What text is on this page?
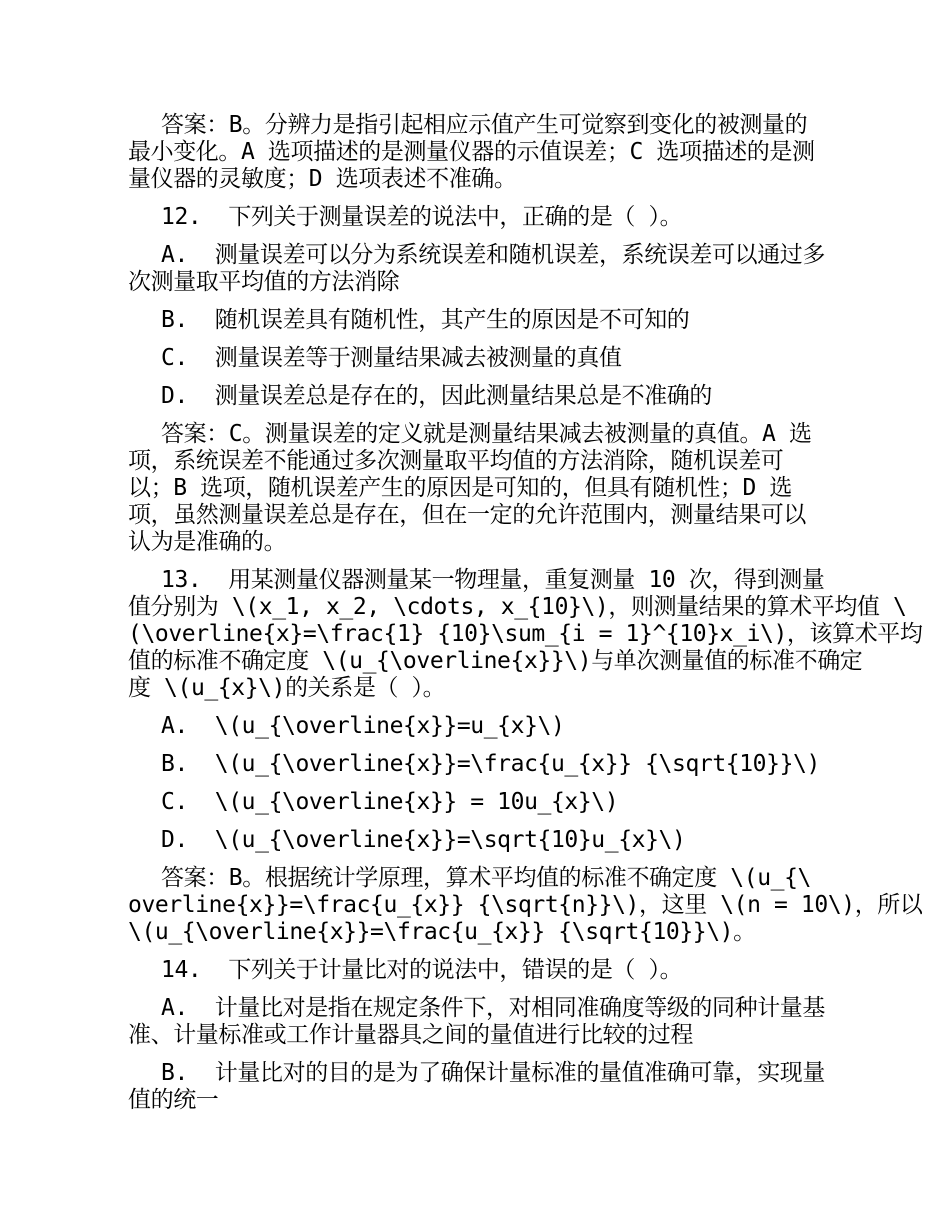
答案：B。分辨力是指引起相应示值产生可觉察到变化的被测量的
最小变化。A 选项描述的是测量仪器的示值误差；C 选项描述的是测
量仪器的灵敏度；D 选项表述不准确。

12.  下列关于测量误差的说法中，正确的是（ ）。

A.  测量误差可以分为系统误差和随机误差，系统误差可以通过多
次测量取平均值的方法消除

B.  随机误差具有随机性，其产生的原因是不可知的

C.  测量误差等于测量结果减去被测量的真值

D.  测量误差总是存在的，因此测量结果总是不准确的

答案：C。测量误差的定义就是测量结果减去被测量的真值。A 选
项，系统误差不能通过多次测量取平均值的方法消除，随机误差可
以；B 选项，随机误差产生的原因是可知的，但具有随机性；D 选
项，虽然测量误差总是存在，但在一定的允许范围内，测量结果可以
认为是准确的。

13.  用某测量仪器测量某一物理量，重复测量 10 次，得到测量
值分别为 \(x_1, x_2, \cdots, x_{10}\)，则测量结果的算术平均值 \
(\overline{x}=\frac{1} {10}\sum_{i = 1}^{10}x_i\)，该算术平均
值的标准不确定度 \(u_{\overline{x}}\)与单次测量值的标准不确定
度 \(u_{x}\)的关系是（ ）。

A.  \(u_{\overline{x}}=u_{x}\)

B.  \(u_{\overline{x}}=\frac{u_{x}} {\sqrt{10}}\)

C.  \(u_{\overline{x}} = 10u_{x}\)

D.  \(u_{\overline{x}}=\sqrt{10}u_{x}\)

答案：B。根据统计学原理，算术平均值的标准不确定度 \(u_{\
overline{x}}=\frac{u_{x}} {\sqrt{n}}\)，这里 \(n = 10\)，所以
\(u_{\overline{x}}=\frac{u_{x}} {\sqrt{10}}\)。

14.  下列关于计量比对的说法中，错误的是（ ）。

A.  计量比对是指在规定条件下，对相同准确度等级的同种计量基
准、计量标准或工作计量器具之间的量值进行比较的过程

B.  计量比对的目的是为了确保计量标准的量值准确可靠，实现量
值的统一
